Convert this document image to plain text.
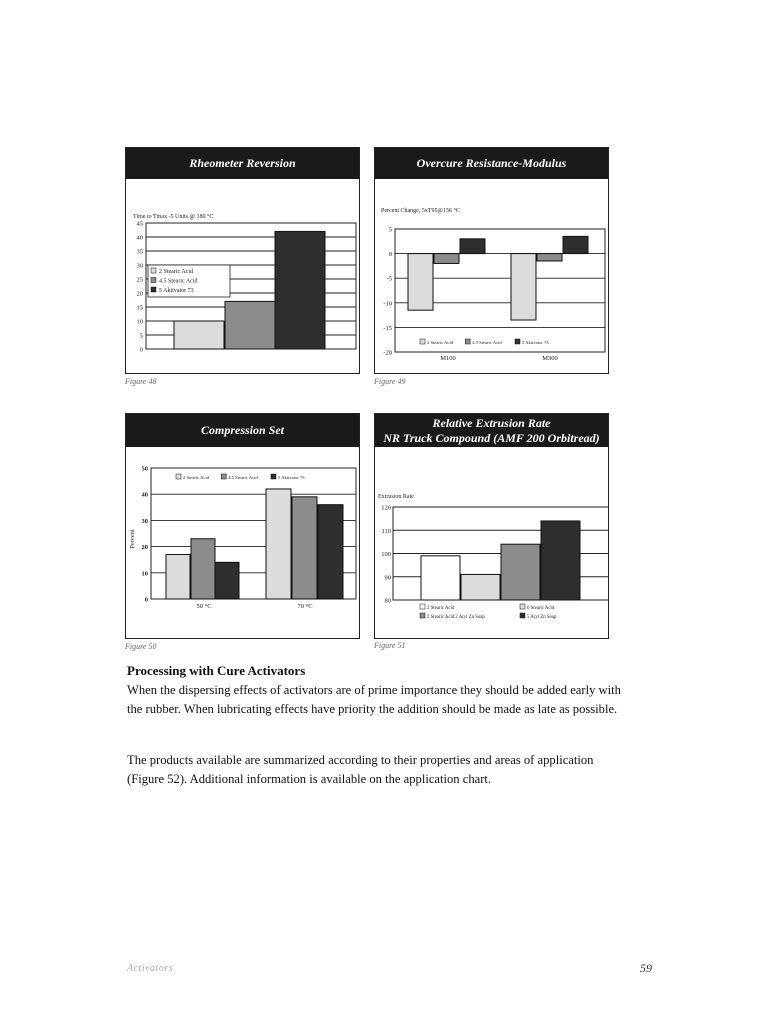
Rheometer Reversion
Time to Tmax -5 Units @ 180 °C
0
5
10
15
20
25
30
35
40
45
2 Stearic Acid
4.5 Stearic Acid
5 Aktivator 73
Figure 48
Overcure Resistance-Modulus
Percent Change, 5xT95@156 °C
-20
-15
-10
-5
0
5
M100	M300
2 Stearic Acid	4.5 Stearic Acid	5 Aktivator 73
Figure 49
Compression Set
Percent
0
10
20
30
40
50
50 °C	70 °C
2 Stearic Acid	4.5 Stearic Acid	5 Aktivator 73
Figure 50
Relative Extrusion Rate
NR Truck Compound (AMF 200 Orbitread)
Extrusion Rate
80
90
100
110
120
2 Stearic Acid	6 Stearic Acid
2 Stearic Acid 2 Aryl Zn Soap	5 Aryl Zn Soap
Figure 51
Processing with Cure Activators

When the dispersing effects of activators are of prime importance they should be added early with the rubber. When lubricating effects have priority the addition should be made as late as possible.

The products available are summarized according to their properties and areas of application (Figure 52). Additional information is available on the application chart.

Activators	59
